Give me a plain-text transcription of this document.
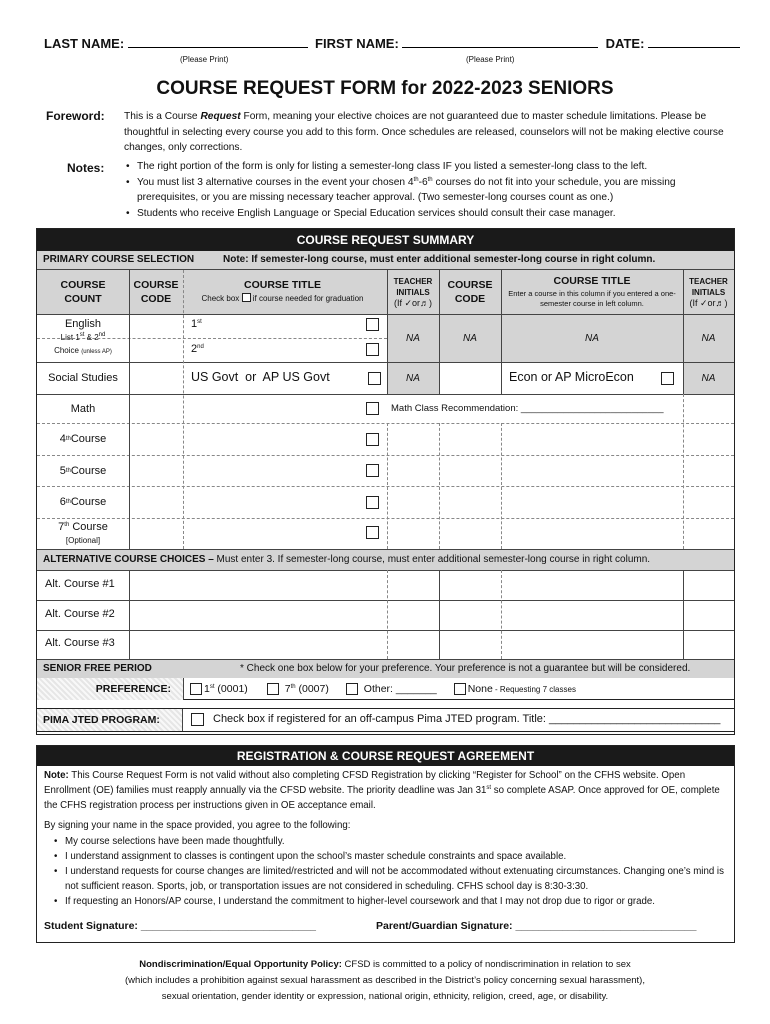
LAST NAME:	FIRST NAME:	DATE:
(Please Print)	(Please Print)
COURSE REQUEST FORM for 2022-2023 SENIORS
Foreword: This is a Course Request Form, meaning your elective choices are not guaranteed due to master schedule limitations. Please be thoughtful in selecting every course you add to this form. Once schedules are released, counselors will not be making elective course changes, only corrections.
Notes:
•	The right portion of the form is only for listing a semester-long class IF you listed a semester-long class to the left.
• You must list 3 alternative courses in the event your chosen 4th-6th courses do not fit into your schedule, you are missing prerequisites, or you are missing necessary teacher approval. (Two semester-long courses count as one.)
• Students who receive English Language or Special Education services should consult their case manager.
COURSE REQUEST SUMMARY
PRIMARY COURSE SELECTION	Note: If semester-long course, must enter additional semester-long course in right column.
COURSE
COUNT
COURSE
CODE
COURSE TITLE
Check box if course needed for graduation
TEACHER
INITIALS
(If ✓or♬)
COURSE
CODE
COURSE TITLE
Enter a course in this column if you entered a one-semester course in left column.
TEACHER
INITIALS
(If ✓or♬)
English
List 1st & 2nd
Choice (unless AP)
1st
2nd
NA	NA	NA	NA
Social Studies	US Govt  or  AP US Govt	NA	Econ or AP MicroEcon	NA
Math	Math Class Recommendation: ___________________________
4 th Course
5 th Course
6 th Course
7th Course
[Optional]
ALTERNATIVE COURSE CHOICES – Must enter 3. If semester-long course, must enter additional semester-long course in right column.
Alt. Course #1
Alt. Course #2
Alt. Course #3
SENIOR FREE PERIOD	* Check one box below for your preference. Your preference is not a guarantee but will be considered.
PREFERENCE:	1st (0001)	7th (0007)	Other: _______	None - Requesting 7 classes
PIMA JTED PROGRAM:	Check box if registered for an off-campus Pima JTED program. Title: ____________________________
REGISTRATION & COURSE REQUEST AGREEMENT
Note: This Course Request Form is not valid without also completing CFSD Registration by clicking “Register for School” on the CFHS website. Open Enrollment (OE) families must reapply annually via the CFSD website. The priority deadline was Jan 31st so complete ASAP. Once approved for OE, complete the CFHS registration process per instructions given in OE acceptance email.
By signing your name in the space provided, you agree to the following:
• My course selections have been made thoughtfully.
• I understand assignment to classes is contingent upon the school’s master schedule constraints and space available.
• I understand requests for course changes are limited/restricted and will not be accommodated without extenuating circumstances. Changing one’s mind is not sufficient reason. Sports, job, or transportation issues are not considered in scheduling. CFHS school day is 8:30-3:30.
• If requesting an Honors/AP course, I understand the commitment to higher-level coursework and that I may not drop due to rigor or grade.
Student Signature: ______________________________	Parent/Guardian Signature: _______________________________
Nondiscrimination/Equal Opportunity Policy: CFSD is committed to a policy of nondiscrimination in relation to sex
(which includes a prohibition against sexual harassment as described in the District’s policy concerning sexual harassment),
sexual orientation, gender identity or expression, national origin, ethnicity, religion, creed, age, or disability.
